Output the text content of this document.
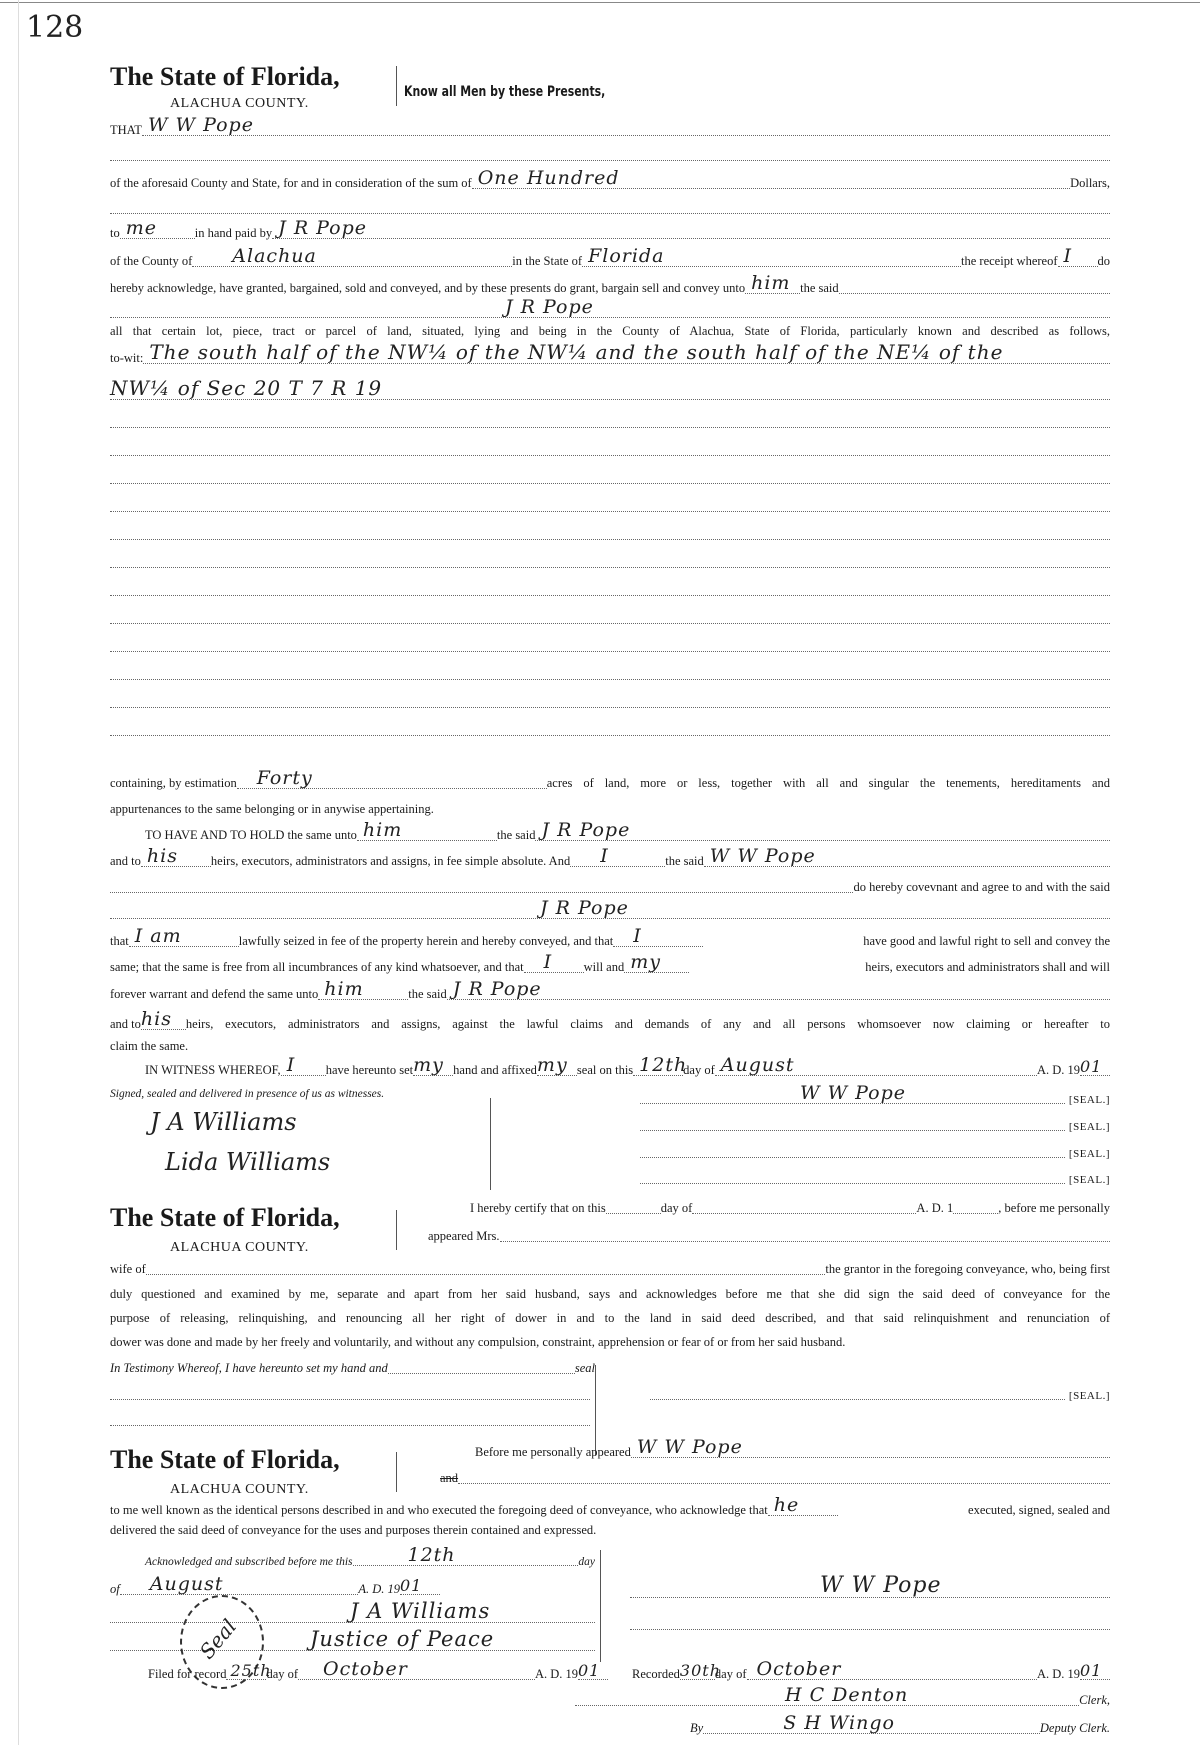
128
The State of Florida,
ALACHUA COUNTY.
Know all Men by these Presents,
THAT W W Pope
of the aforesaid County and State, for and in consideration of the sum of One Hundred	Dollars,
to me	in hand paid by J R Pope
of the County of Alachua	in the State of Florida	the receipt whereof I do
hereby acknowledge, have granted, bargained, sold and conveyed, and by these presents do grant, bargain sell and convey unto him the said
J R Pope
all that certain lot, piece, tract or parcel of land, situated, lying and being in the County of Alachua, State of Florida, particularly known and described as follows,
to-wit: The south half of the NW¼ of the NW¼ and the south half of the NE¼ of the
NW¼ of Sec 20 T 7 R 19
containing, by estimation Forty	acres of land, more or less, together with all and singular the tenements, hereditaments and
appurtenances to the same belonging or in anywise appertaining.
TO HAVE AND TO HOLD the same unto him	the said J R Pope
and to his	heirs, executors, administrators and assigns, in fee simple absolute. And I	the said W W Pope
do hereby covevnant and agree to and with the said
J R Pope
that I am	lawfully seized in fee of the property herein and hereby conveyed, and that I	have good and lawful right to sell and convey the
same; that the same is free from all incumbrances of any kind whatsoever, and that I	will and my	heirs, executors and administrators shall and will
forever warrant and defend the same unto him	the said J R Pope
and to his heirs, executors, administrators and assigns, against the lawful claims and demands of any and all persons whomsoever now claiming or hereafter to
claim the same.
IN WITNESS WHEREOF, I have hereunto set my hand and affixed my seal on this 12th
day of August	A. D. 19 01
Signed, sealed and delivered in presence of us as witnesses.	W W Pope	[SEAL.]
[SEAL.]
[SEAL.]
[SEAL.]
J A Williams
Lida Williams
The State of Florida,
ALACHUA COUNTY.
I hereby certify that on this	day of	A. D. 1	, before me personally
appeared Mrs.
wife of	the grantor in the foregoing conveyance, who, being first
duly questioned and examined by me, separate and apart from her said husband, says and acknowledges before me that she did sign the said deed of conveyance for the
purpose of releasing, relinquishing, and renouncing all her right of dower in and to the land in said deed described, and that said relinquishment and renunciation of
dower was done and made by her freely and voluntarily, and without any compulsion, constraint, apprehension or fear of or from her said husband.
In Testimony Whereof, I have hereunto set my hand and	seal
[SEAL.]
The State of Florida,
ALACHUA COUNTY.
Before me personally appeared W W Pope
and
to me well known as the identical persons described in and who executed the foregoing deed of conveyance, who acknowledge that he	executed, signed, sealed and
delivered the said deed of conveyance for the uses and purposes therein contained and expressed.
Acknowledged and subscribed before me this	12th	day
of August	A. D. 19 01
J A Williams
Justice of Peace
Seal
W W Pope
Filed for record 25th
day of October	A. D. 19 01	Recorded 30th
day of October	A. D. 19 01
H C Denton	Clerk,
By	S H Wingo	Deputy Clerk.
